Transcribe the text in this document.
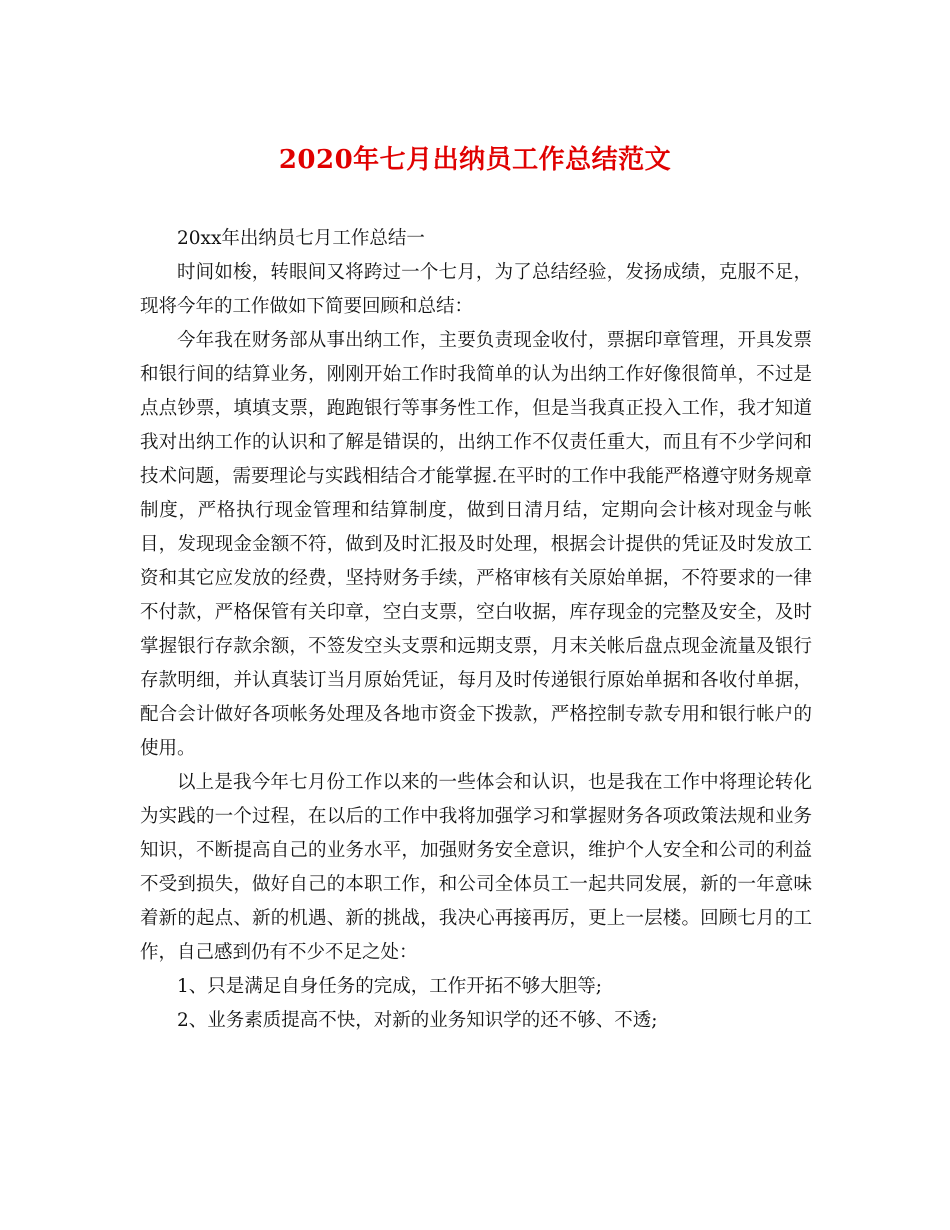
2020年七月出纳员工作总结范文

20xx年出纳员七月工作总结一

时间如梭，转眼间又将跨过一个七月，为了总结经验，发扬成绩，克服不足，现将今年的工作做如下简要回顾和总结：

今年我在财务部从事出纳工作，主要负责现金收付，票据印章管理，开具发票和银行间的结算业务，刚刚开始工作时我简单的认为出纳工作好像很简单，不过是点点钞票，填填支票，跑跑银行等事务性工作，但是当我真正投入工作，我才知道我对出纳工作的认识和了解是错误的，出纳工作不仅责任重大，而且有不少学问和技术问题，需要理论与实践相结合才能掌握.在平时的工作中我能严格遵守财务规章制度，严格执行现金管理和结算制度，做到日清月结，定期向会计核对现金与帐目，发现现金金额不符，做到及时汇报及时处理，根据会计提供的凭证及时发放工资和其它应发放的经费，坚持财务手续，严格审核有关原始单据，不符要求的一律不付款，严格保管有关印章，空白支票，空白收据，库存现金的完整及安全，及时掌握银行存款余额，不签发空头支票和远期支票，月末关帐后盘点现金流量及银行存款明细，并认真装订当月原始凭证，每月及时传递银行原始单据和各收付单据，配合会计做好各项帐务处理及各地市资金下拨款，严格控制专款专用和银行帐户的使用。

以上是我今年七月份工作以来的一些体会和认识，也是我在工作中将理论转化为实践的一个过程，在以后的工作中我将加强学习和掌握财务各项政策法规和业务知识，不断提高自己的业务水平，加强财务安全意识，维护个人安全和公司的利益不受到损失，做好自己的本职工作，和公司全体员工一起共同发展，新的一年意味着新的起点、新的机遇、新的挑战，我决心再接再厉，更上一层楼。回顾七月的工作，自己感到仍有不少不足之处：

1、只是满足自身任务的完成，工作开拓不够大胆等;

2、业务素质提高不快，对新的业务知识学的还不够、不透;
